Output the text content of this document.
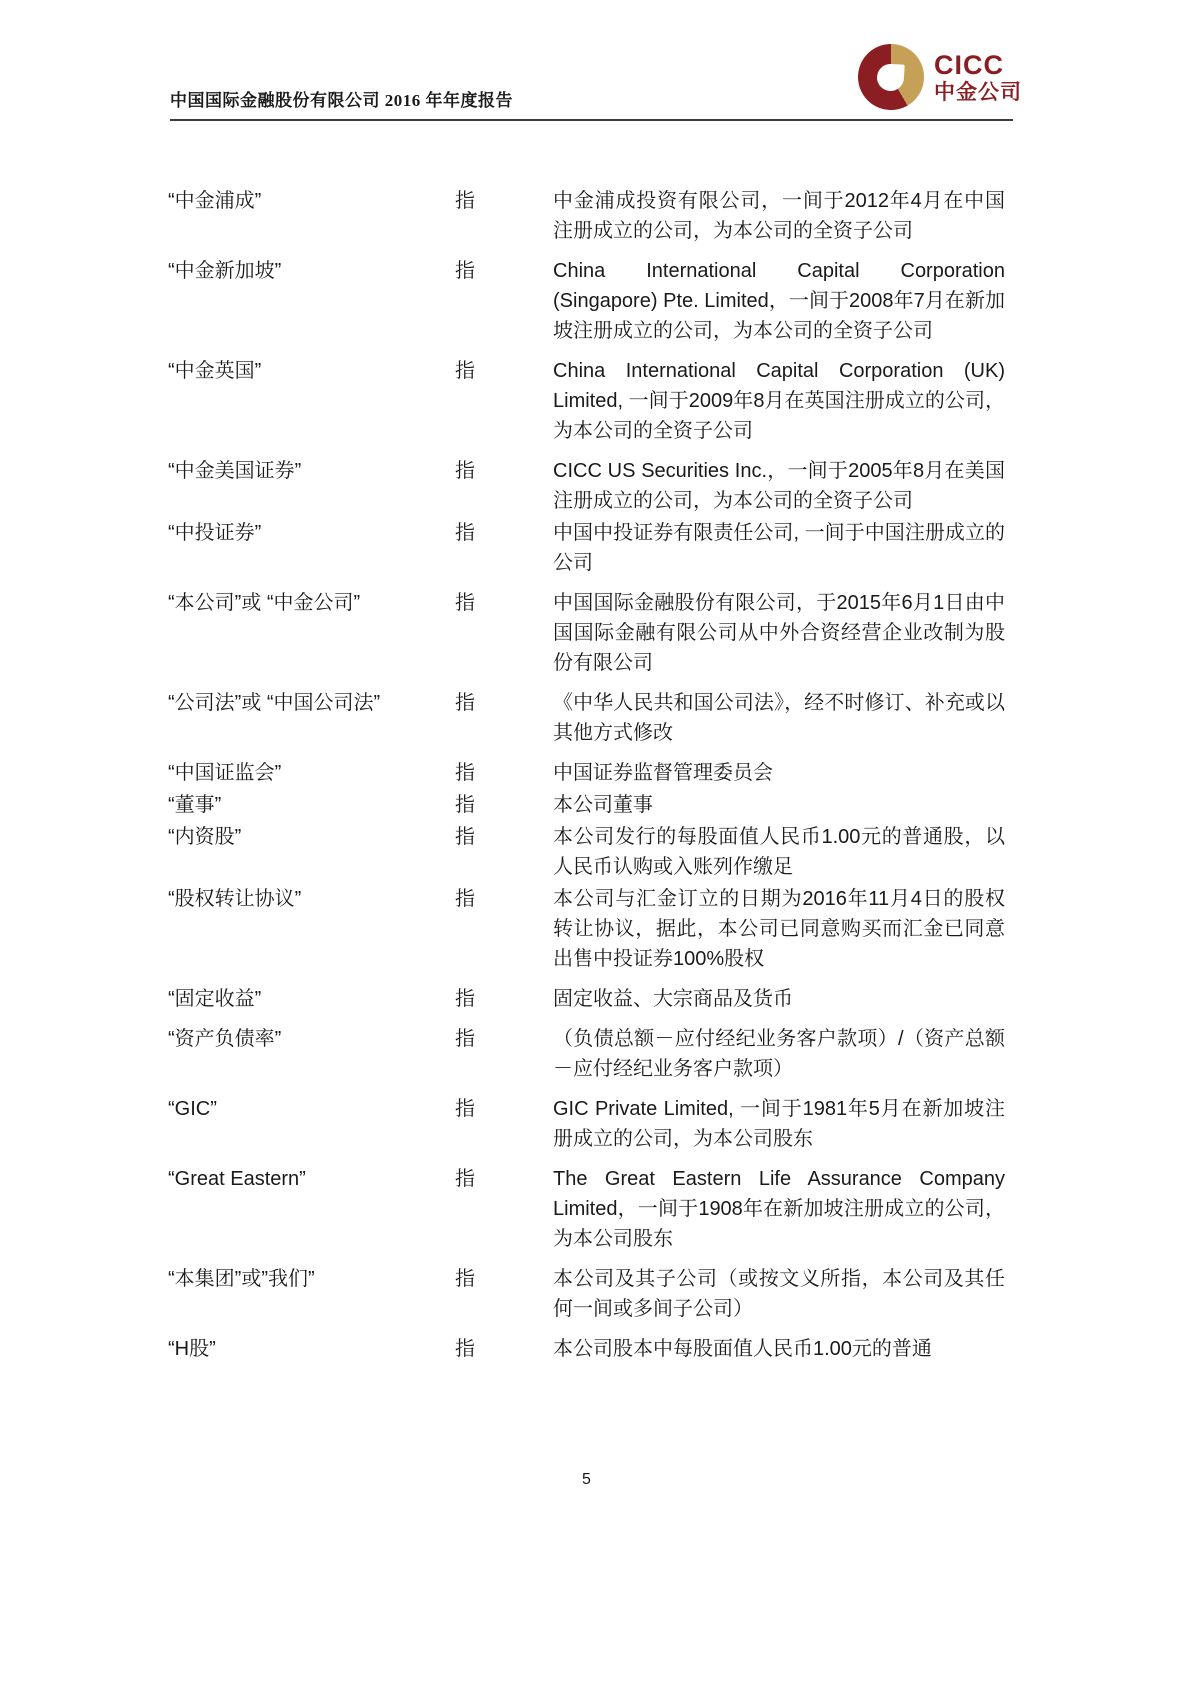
中国国际金融股份有限公司 2016 年年度报告
CICC
中金公司
“中金浦成”	指	中金浦成投资有限公司，一间于2012年4月在中国注册成立的公司，为本公司的全资子公司
“中金新加坡”	指	China International Capital Corporation (Singapore) Pte. Limited，一间于2008年7月在新加坡注册成立的公司，为本公司的全资子公司
“中金英国”	指	China International Capital Corporation (UK) Limited, 一间于2009年8月在英国注册成立的公司，为本公司的全资子公司
“中金美国证券”	指	CICC US Securities Inc.，一间于2005年8月在美国注册成立的公司，为本公司的全资子公司
“中投证券”	指	中国中投证券有限责任公司, 一间于中国注册成立的公司
“本公司”或 “中金公司”	指	中国国际金融股份有限公司，于2015年6月1日由中国国际金融有限公司从中外合资经营企业改制为股份有限公司
“公司法”或 “中国公司法”	指	《中华人民共和国公司法》，经不时修订、补充或以其他方式修改
“中国证监会”	指	中国证券监督管理委员会
“董事”	指	本公司董事
“内资股”	指	本公司发行的每股面值人民币1.00元的普通股，以人民币认购或入账列作缴足
“股权转让协议”	指	本公司与汇金订立的日期为2016年11月4日的股权转让协议，据此，本公司已同意购买而汇金已同意出售中投证券100%股权
“固定收益”	指	固定收益、大宗商品及货币
“资产负债率”	指	（负债总额－应付经纪业务客户款项）/（资产总额－应付经纪业务客户款项）
“GIC”	指	GIC Private Limited, 一间于1981年5月在新加坡注册成立的公司，为本公司股东
“Great Eastern”	指	The Great Eastern Life Assurance Company Limited，一间于1908年在新加坡注册成立的公司，为本公司股东
“本集团”或”我们”	指	本公司及其子公司（或按文义所指，本公司及其任何一间或多间子公司）
“H股”	指	本公司股本中每股面值人民币1.00元的普通
5
